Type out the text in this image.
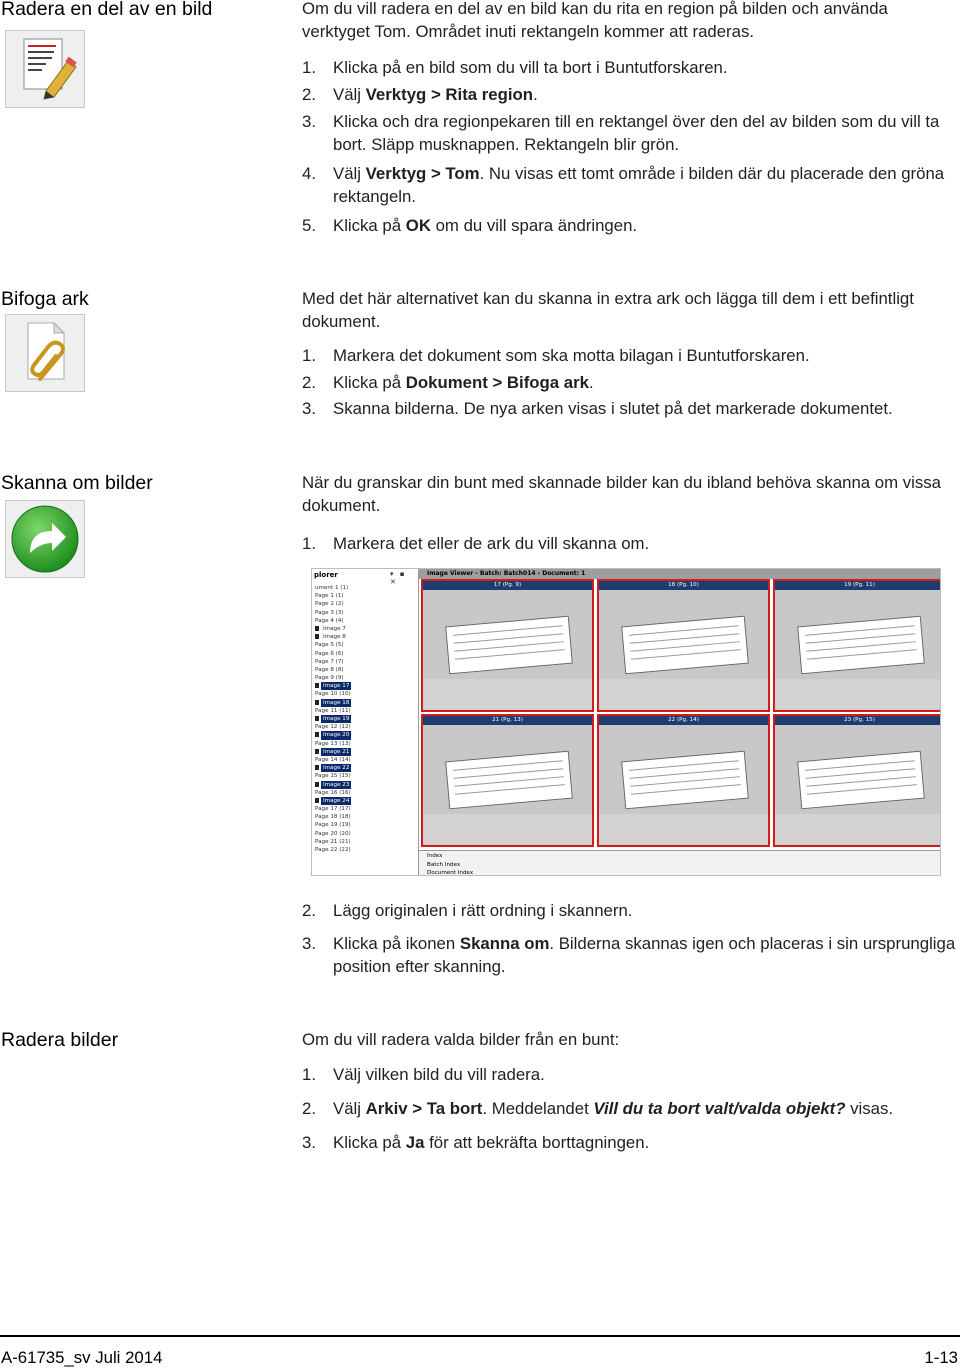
Radera en del av en bild	Om du vill radera en del av en bild kan du rita en region på bilden och använda verktyget Tom. Området inuti rektangeln kommer att raderas.
1.	Klicka på en bild som du vill ta bort i Buntutforskaren.
2.	Välj Verktyg > Rita region.
3.	Klicka och dra regionpekaren till en rektangel över den del av bilden som du vill ta bort. Släpp musknappen. Rektangeln blir grön.
4.	Välj Verktyg > Tom. Nu visas ett tomt område i bilden där du placerade den gröna rektangeln.
5.	Klicka på OK om du vill spara ändringen.
Bifoga ark	Med det här alternativet kan du skanna in extra ark och lägga till dem i ett befintligt dokument.
1.	Markera det dokument som ska motta bilagan i Buntutforskaren.
2.	Klicka på Dokument > Bifoga ark.
3.	Skanna bilderna. De nya arken visas i slutet på det markerade dokumentet.
Skanna om bilder	När du granskar din bunt med skannade bilder kan du ibland behöva skanna om vissa dokument.
1.	Markera det eller de ark du vill skanna om.
plorer	▾ ▪ ✕
ument 1 (1)
Page 1 (1)
Page 2 (2)
Page 3 (3)
Page 4 (4)
Image 7
Image 8
Page 5 (5)
Page 6 (6)
Page 7 (7)
Page 8 (8)
Page 9 (9)
Image 17
Page 10 (10)
Image 18
Page 11 (11)
Image 19
Page 12 (12)
Image 20
Page 13 (13)
Image 21
Page 14 (14)
Image 22
Page 15 (15)
Image 23
Page 16 (16)
Image 24
Page 17 (17)
Page 18 (18)
Page 19 (19)
Page 20 (20)
Page 21 (21)
Page 22 (22)
Image Viewer - Batch: Batch014 - Document: 1
17 (Pg. 9)	18 (Pg. 10)	19 (Pg. 11)
21 (Pg. 13)	22 (Pg. 14)	23 (Pg. 15)
Index
Batch Index
Document Index
2.	Lägg originalen i rätt ordning i skannern.
3.	Klicka på ikonen Skanna om. Bilderna skannas igen och placeras i sin ursprungliga position efter skanning.
Radera bilder	Om du vill radera valda bilder från en bunt:
1.	Välj vilken bild du vill radera.
2.	Välj Arkiv > Ta bort. Meddelandet Vill du ta bort valt/valda objekt? visas.
3.	Klicka på Ja för att bekräfta borttagningen.
A-61735_sv Juli 2014	1-13
